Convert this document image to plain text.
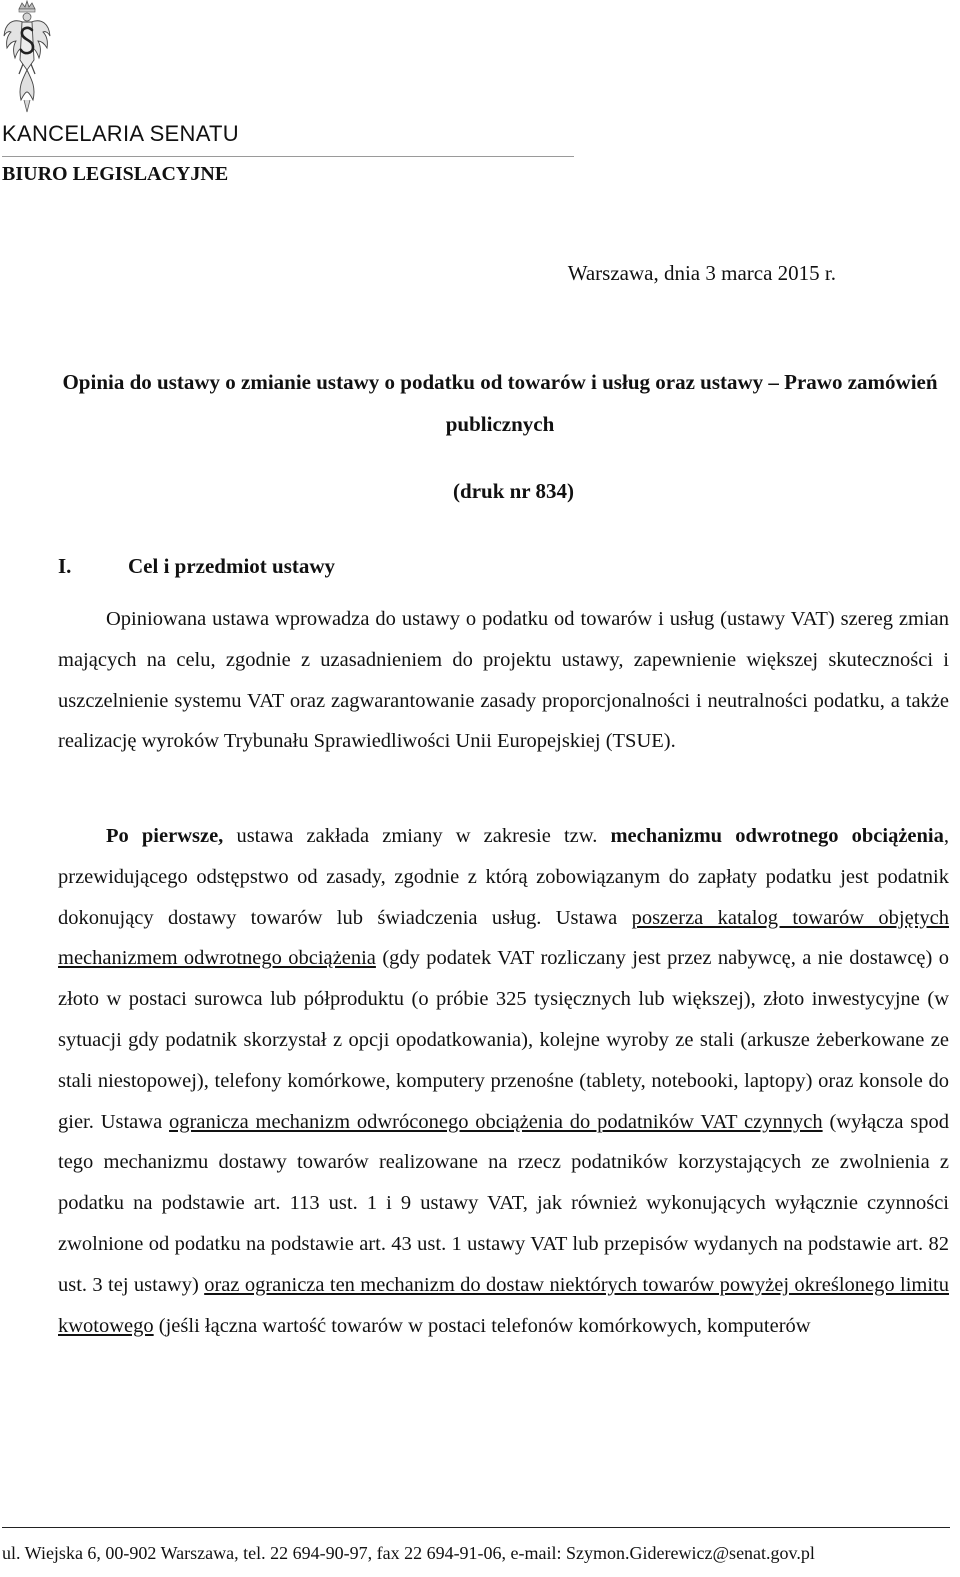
KANCELARIA SENATU
BIURO LEGISLACYJNE
Warszawa, dnia 3 marca 2015 r.
Opinia do ustawy o zmianie ustawy o podatku od towarów i usług oraz ustawy – Prawo zamówień publicznych
(druk nr 834)
I.	Cel i przedmiot ustawy
Opiniowana ustawa wprowadza do ustawy o podatku od towarów i usług (ustawy VAT) szereg zmian mających na celu, zgodnie z uzasadnieniem do projektu ustawy, zapewnienie większej skuteczności i uszczelnienie systemu VAT oraz zagwarantowanie zasady proporcjonalności i neutralności podatku, a także realizację wyroków Trybunału Sprawiedliwości Unii Europejskiej (TSUE).
Po pierwsze, ustawa zakłada zmiany w zakresie tzw. mechanizmu odwrotnego obciążenia, przewidującego odstępstwo od zasady, zgodnie z którą zobowiązanym do zapłaty podatku jest podatnik dokonujący dostawy towarów lub świadczenia usług. Ustawa poszerza katalog towarów objętych mechanizmem odwrotnego obciążenia (gdy podatek VAT rozliczany jest przez nabywcę, a nie dostawcę) o złoto w postaci surowca lub półproduktu (o próbie 325 tysięcznych lub większej), złoto inwestycyjne (w sytuacji gdy podatnik skorzystał z opcji opodatkowania), kolejne wyroby ze stali (arkusze żeberkowane ze stali niestopowej), telefony komórkowe, komputery przenośne (tablety, notebooki, laptopy) oraz konsole do gier. Ustawa ogranicza mechanizm odwróconego obciążenia do podatników VAT czynnych (wyłącza spod tego mechanizmu dostawy towarów realizowane na rzecz podatników korzystających ze zwolnienia z podatku na podstawie art. 113 ust. 1 i 9 ustawy VAT, jak również wykonujących wyłącznie czynności zwolnione od podatku na podstawie art. 43 ust. 1 ustawy VAT lub przepisów wydanych na podstawie art. 82 ust. 3 tej ustawy) oraz ogranicza ten mechanizm do dostaw niektórych towarów powyżej określonego limitu kwotowego (jeśli łączna wartość towarów w postaci telefonów komórkowych, komputerów
ul. Wiejska 6, 00-902 Warszawa, tel. 22 694-90-97, fax 22 694-91-06, e-mail: Szymon.Giderewicz@senat.gov.pl
